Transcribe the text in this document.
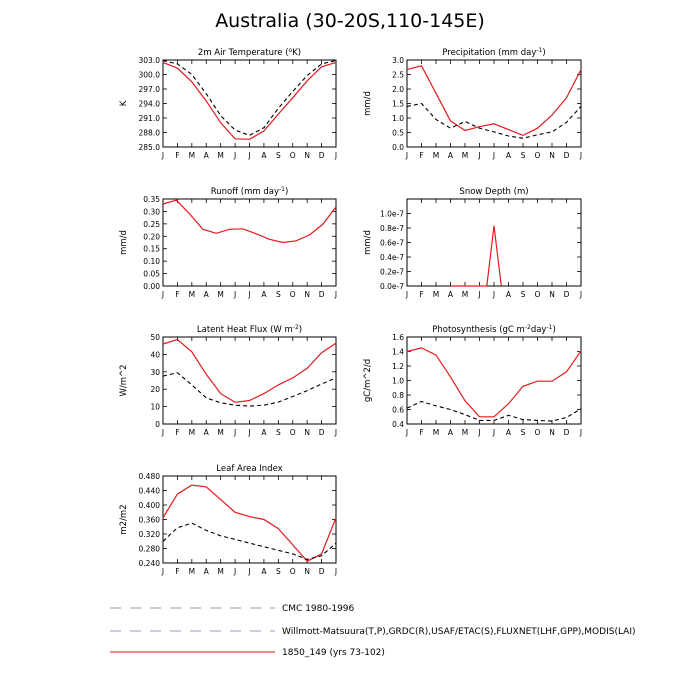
Australia (30-20S,110-145E)
2m Air Temperature ($^o$K)
285.0
288.0
291.0
294.0
297.0
300.0
303.0
J F M A M J J A S O N D J
K
Precipitation (mm day$^{-1}$)
0.0
0.5
1.0
1.5
2.0
2.5
3.0
J F M A M J J A S O N D J
mm/d
Runoff (mm day$^{-1}$)
0.00
0.05
0.10
0.15
0.20
0.25
0.30
0.35
J F M A M J J A S O N D J
mm/d
Snow Depth (m)
0.0e-7
0.2e-7
0.4e-7
0.6e-7
0.8e-7
1.0e-7
J F M A M J J A S O N D J
mm/d
Latent Heat Flux (W $m^{-2}$)
0
10
20
30
40
50
J F M A M J J A S O N D J
W/m^2
Photosynthesis (gC $m^{-2}day^{-1}$)
0.4
0.6
0.8
1.0
1.2
1.4
1.6
J F M A M J J A S O N D J
gC/m^2/d
Leaf Area Index
0.240
0.280
0.320
0.360
0.400
0.440
0.480
J F M A M J J A S O N D J
m2/m2
CMC 1980-1996
Willmott-Matsuura(T,P),GRDC(R),USAF/ETAC(S),FLUXNET(LHF,GPP),MODIS(LAI)
1850_149 (yrs 73-102)
